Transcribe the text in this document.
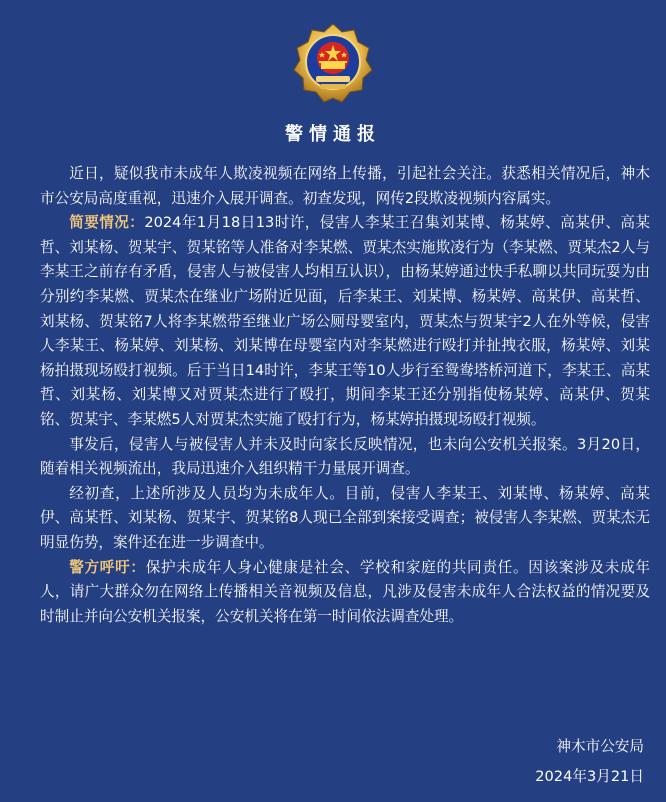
警情通报

近日，疑似我市未成年人欺凌视频在网络上传播，引起社会关注。获悉相关情况后，神木市公安局高度重视，迅速介入展开调查。初查发现，网传2段欺凌视频内容属实。

简要情况：2024年1月18日13时许，侵害人李某王召集刘某博、杨某婷、高某伊、高某哲、刘某杨、贺某宇、贺某铭等人准备对李某燃、贾某杰实施欺凌行为（李某燃、贾某杰2人与李某王之前存有矛盾，侵害人与被侵害人均相互认识），由杨某婷通过快手私聊以共同玩耍为由分别约李某燃、贾某杰在继业广场附近见面，后李某王、刘某博、杨某婷、高某伊、高某哲、刘某杨、贺某铭7人将李某燃带至继业广场公厕母婴室内，贾某杰与贺某宇2人在外等候，侵害人李某王、杨某婷、刘某杨、刘某博在母婴室内对李某燃进行殴打并扯拽衣服，杨某婷、刘某杨拍摄现场殴打视频。后于当日14时许，李某王等10人步行至鸳鸯塔桥河道下，李某王、高某哲、刘某杨、刘某博又对贾某杰进行了殴打，期间李某王还分别指使杨某婷、高某伊、贺某铭、贺某宇、李某燃5人对贾某杰实施了殴打行为，杨某婷拍摄现场殴打视频。

事发后，侵害人与被侵害人并未及时向家长反映情况，也未向公安机关报案。3月20日，随着相关视频流出，我局迅速介入组织精干力量展开调查。

经初查，上述所涉及人员均为未成年人。目前，侵害人李某王、刘某博、杨某婷、高某伊、高某哲、刘某杨、贺某宇、贺某铭8人现已全部到案接受调查；被侵害人李某燃、贾某杰无明显伤势，案件还在进一步调查中。

警方呼吁：保护未成年人身心健康是社会、学校和家庭的共同责任。因该案涉及未成年人，请广大群众勿在网络上传播相关音视频及信息，凡涉及侵害未成年人合法权益的情况要及时制止并向公安机关报案，公安机关将在第一时间依法调查处理。

神木市公安局
2024年3月21日
